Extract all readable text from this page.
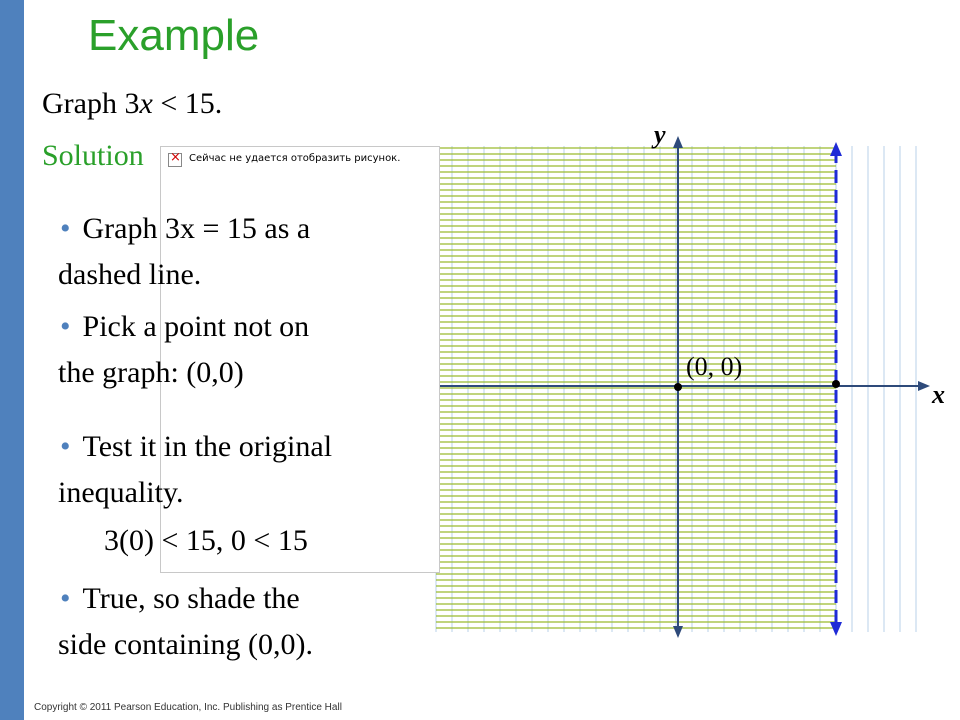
Example
Graph 3x < 15.
Solution
×	Сейчас не удается отобразить рисунок.
y
x
(0, 0)
• Graph 3x = 15 as a
dashed line.
• Pick a point not on
the graph: (0,0)
• Test it in the original
inequality.
• True, so shade the
side containing (0,0).
3(0) < 15, 0 < 15
Copyright © 2011 Pearson Education, Inc. Publishing as Prentice Hall
